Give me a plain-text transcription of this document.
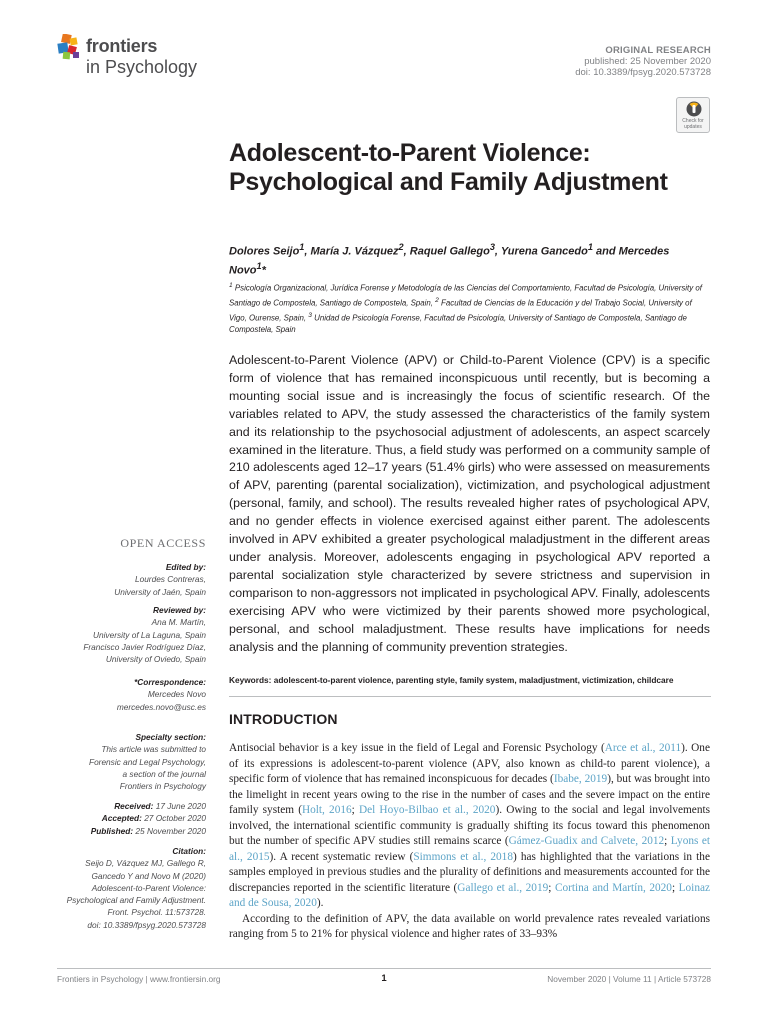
frontiers
in Psychology
ORIGINAL RESEARCH
published: 25 November 2020
doi: 10.3389/fpsyg.2020.573728
Check for updates
Adolescent-to-Parent Violence: Psychological and Family Adjustment
Dolores Seijo$^1$, María J. Vázquez$^2$, Raquel Gallego$^3$, Yurena Gancedo$^1$ and Mercedes Novo$^1$*
$^1$ Psicología Organizacional, Jurídica Forense y Metodología de las Ciencias del Comportamiento, Facultad de Psicología, University of Santiago de Compostela, Santiago de Compostela, Spain, $^2$ Facultad de Ciencias de la Educación y del Trabajo Social, University of Vigo, Ourense, Spain, $^3$ Unidad de Psicología Forense, Facultad de Psicología, University of Santiago de Compostela, Santiago de Compostela, Spain

Adolescent-to-Parent Violence (APV) or Child-to-Parent Violence (CPV) is a specific form of violence that has remained inconspicuous until recently, but is becoming a mounting social issue and is increasingly the focus of scientific research. Of the variables related to APV, the study assessed the characteristics of the family system and its relationship to the psychosocial adjustment of adolescents, an aspect scarcely examined in the literature. Thus, a field study was performed on a community sample of 210 adolescents aged 12–17 years (51.4% girls) who were assessed on measurements of APV, parenting (parental socialization), victimization, and psychological adjustment (personal, family, and school). The results revealed higher rates of psychological APV, and no gender effects in violence exercised against either parent. The adolescents involved in APV exhibited a greater psychological maladjustment in the different areas under analysis. Moreover, adolescents engaging in psychological APV reported a parental socialization style characterized by severe strictness and supervision in comparison to non-aggressors not implicated in psychological APV. Finally, adolescents exercising APV who were victimized by their parents showed more psychological, personal, and school maladjustment. These results have implications for needs analysis and the planning of community prevention strategies.

Keywords: adolescent-to-parent violence, parenting style, family system, maladjustment, victimization, childcare
INTRODUCTION

Antisocial behavior is a key issue in the field of Legal and Forensic Psychology (Arce et al., 2011). One of its expressions is adolescent-to-parent violence (APV, also known as child-to parent violence), a specific form of violence that has remained inconspicuous for decades (Ibabe, 2019), but was brought into the limelight in recent years owing to the rise in the number of cases and the severe impact on the entire family system (Holt, 2016; Del Hoyo-Bilbao et al., 2020). Owing to the social and legal involvements involved, the international scientific community is gradually shifting its focus toward this phenomenon but the number of specific APV studies still remains scarce (Gámez-Guadix and Calvete, 2012; Lyons et al., 2015). A recent systematic review (Simmons et al., 2018) has highlighted that the variations in the samples employed in previous studies and the plurality of definitions and measurements accounted for the discrepancies reported in the scientific literature (Gallego et al., 2019; Cortina and Martín, 2020; Loinaz and de Sousa, 2020).

According to the definition of APV, the data available on world prevalence rates revealed variations ranging from 5 to 21% for physical violence and higher rates of 33–93%

OPEN ACCESS
Edited by:
Lourdes Contreras,
University of Jaén, Spain
Reviewed by:
Ana M. Martín,
University of La Laguna, Spain
Francisco Javier Rodríguez Díaz,
University of Oviedo, Spain
*Correspondence:
Mercedes Novo
mercedes.novo@usc.es
Specialty section:
This article was submitted to
Forensic and Legal Psychology,
a section of the journal
Frontiers in Psychology
Received: 17 June 2020
Accepted: 27 October 2020
Published: 25 November 2020
Citation:
Seijo D, Vázquez MJ, Gallego R,
Gancedo Y and Novo M (2020)
Adolescent-to-Parent Violence:
Psychological and Family Adjustment.
Front. Psychol. 11:573728.
doi: 10.3389/fpsyg.2020.573728
Frontiers in Psychology | www.frontiersin.org	1	November 2020 | Volume 11 | Article 573728
